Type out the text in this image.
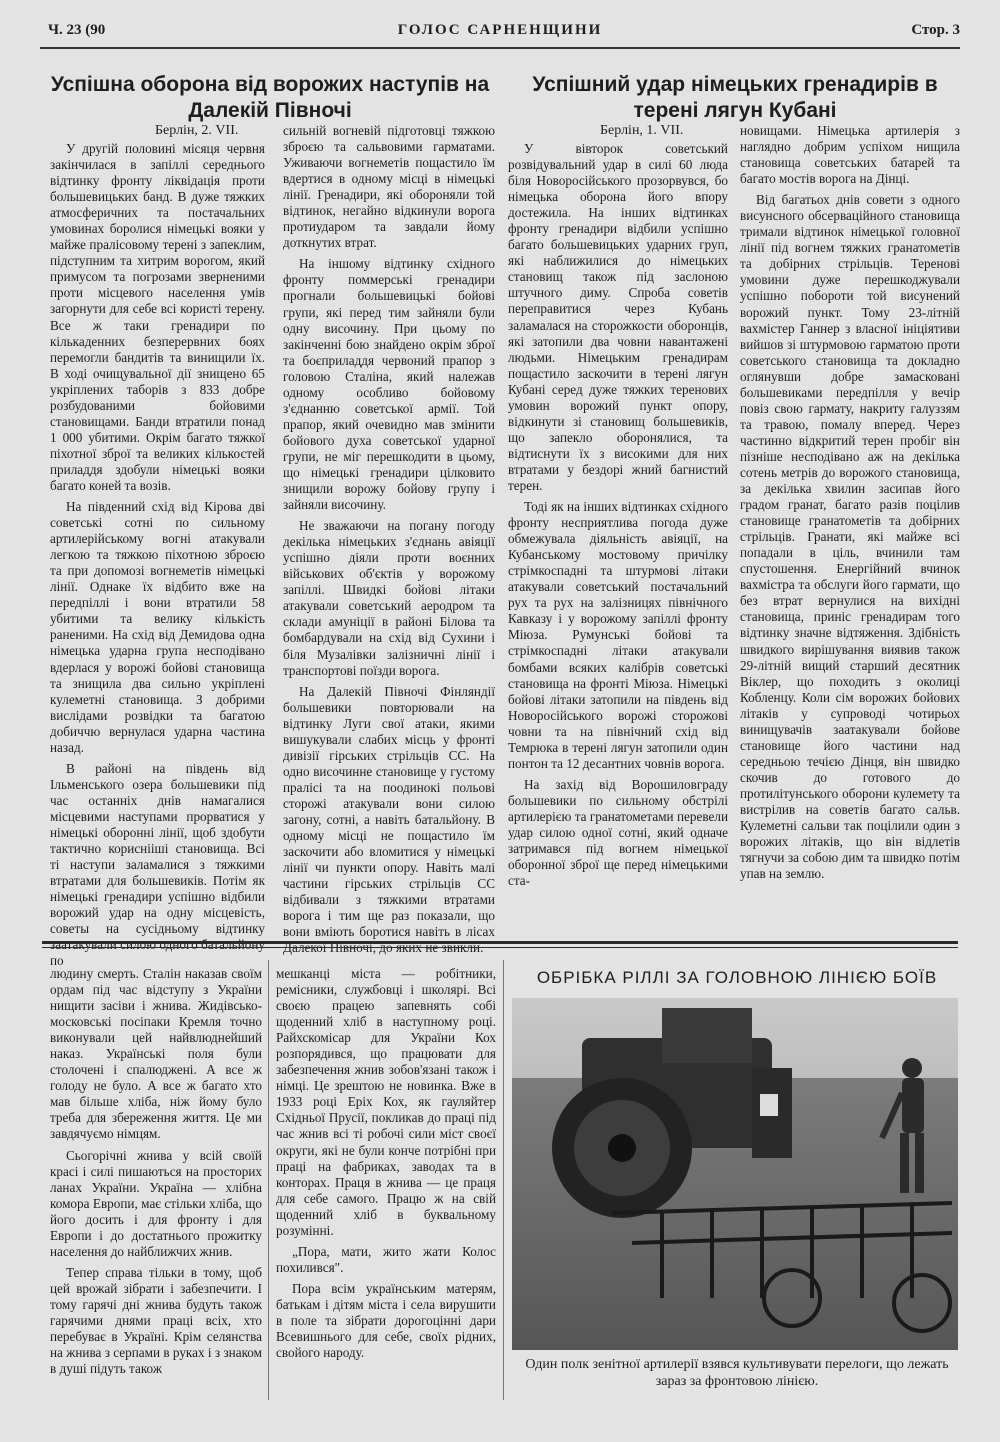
Ч. 23 (90	ГОЛОС САРНЕНЩИНИ	Стор. 3
Успішна оборона від ворожих наступів на Далекій Півночі
Берлін, 2. VII.

У другій половині місяця червня закінчилася в запіллі середнього відтинку фронту ліквідація проти большевицьких банд. В дуже тяжких атмосферичних та постачальних умовинах боролися німецькі вояки у майже праліcовому терені з запеклим, підступним та хитрим ворогом, який примусом та погрозами зверненими проти місцевого населення умів загорнути для себе всі користі терену. Все ж таки гренадири по кількаденних безперервних боях перемогли бандитів та винищили їх. В ході очищувальної дії знищено 65 укріплених таборів з 833 добре розбудованими бойовими становищами. Банди втратили понад 1 000 убитими. Окрім багато тяжкої піхотної зброї та великих кількостей приладдя здобули німецькі вояки багато коней та возів.

На південний схід від Кірова дві советські сотні по сильному артилерійському вогні атакували легкою та тяжкою піхотною зброєю та при допомозі вогнеметів німецькі лінії. Однаке їх відбито вже на передпіллі і вони втратили 58 убитими та велику кількість раненими. На схід від Демидова одна німецька ударна група несподівано вдерлася у ворожі бойові становища та знищила два сильно укріплені кулеметні становища. З добрими вислідами розвідки та багатою добиччю вернулася ударна частина назад.

В районі на південь від Ільменського озера большевики під час останніх днів намагалися місцевими наступами прорватися у німецькі оборонні лінії, щоб здобути тактично кориснііші становища. Всі ті наступи заламалися з тяжкими втратами для большевиків. Потім як німецькі гренадири успішно відбили ворожий удар на одну місцевість, советы на сусідньому відтинку заатакували силою одного батальйону по

сильній вогневій підготовці тяжкою зброєю та сальвовими гарматами. Уживаючи вогнеметів пощастило їм вдертися в одному місці в німецькі лінії. Гренадири, які обороняли той відтинок, негайно відкинули ворога протиударом та завдали йому доткнутих втрат.

На іншому відтинку східного фронту поммерські гренадири прогнали большевицькі бойові групи, які перед тим зайняли були одну височину. При цьому по закінченні бою знайдено окрім зброї та боєприладдя червоний прапор з головою Сталіна, який належав одному особливо бойовому з'єднанню советської армії. Той прапор, який очевидно мав змінити бойового духа советської ударної групи, не міг перешкодити в цьому, що німецькі гренадири цілковито знищили ворожу бойову групу і зайняли височину.

Не зважаючи на погану погоду декілька німецьких з'єднань авіяції успішно діяли проти воєнних військових об'єктів у ворожому запіллі. Швидкі бойові літаки атакували советський аеродром та склади амуніції в районі Білова та бомбардували на схід від Сухини і біля Музалівки залізничні лінії і транспортові поїзди ворога.

На Далекій Півночі Фінляндії большевики повторювали на відтинку Луги свої атаки, якими вишукували слабих місць у фронті дивізії гірських стрільців СС. На одно височинне становище у густому праліcі та на поодинокі польові сторожі атакували вони силою загону, сотні, а навіть батальйону. В одному місці не пощастило їм заскочити або вломитися у німецькі лінії чи пункти опору. Навіть малі частини гірських стрільців СС відбивали з тяжкими втратами ворога і тим ще раз показали, що вони вміють боротися навіть в лісах Далекої Півночі, до яких не звикли.

Успішний удар німецьких гренадирів в терені лягун Кубані
Берлін, 1. VII.

У вівторок советський розвідувальний удар в силі 60 люда біля Новоросійського прозорвувся, бо німецька оборона його впору достежила. На інших відтинках фронту гренадири відбили успішно багато большевицьких ударних груп, які наближилися до німецьких становищ також під заслоною штучного диму. Спроба советів переправитися через Кубань заламалася на сторожкости оборонців, які затопили два човни навантажені людьми. Німецьким гренадирам пощастило заскочити в терені лягун Кубані серед дуже тяжких теренових умовин ворожий пункт опору, відкинути зі становищ большевиків, що запекло оборонялися, та відтиснути їх з високими для них втратами у бездорі жний багнистий терен.

Тоді як на інших відтинках східного фронту несприятлива погода дуже обмежувала діяльність авіяції, на Кубанському мостовому причілку стрімкоспадні та штурмові літаки атакували советський постачальний рух та рух на залізницях північного Кавказу і у ворожому запіллі фронту Міюза. Румунські бойові та стрімкоспадні літаки атакували бомбами всяких калібрів советські становища на фронті Міюза. Німецькі бойові літаки затопили на південь від Новоросійського ворожі сторожові човни та на північний схід від Темрюка в терені лягун затопили один понтон та 12 десантних човнів ворога.

На захід від Ворошиловграду большевики по сильному обстрілі артилерією та гранатометами перевели удар силою одної сотні, який одначе затримався під вогнем німецької оборонної зброї ще перед німецькими ста-

новищами. Німецька артилерія з наглядно добрим успіхом нищила становища советських батарей та багато мостів ворога на Дінці.

Від багатьох днів совети з одного висунсного обсерваційного становища тримали відтинок німецької головної лінії під вогнем тяжких гранатометів та добірних стрільців. Теренові умовини дуже перешкоджували успішно побороти той висунений ворожий пункт. Тому 23-літній вахмістер Ганнер з власної ініціятиви вийшов зі штурмовою гарматою проти советського становища та докладно оглянувши добре замасковані большевиками передпілля у вечір повіз свою гармату, накриту галуззям та травою, помалу вперед. Через частинно відкритий терен пробіг він пізніше несподівано аж на декілька сотень метрів до ворожого становища, за декілька хвилин засипав його градом гранат, багато разів поцілив становище гранатометів та добірних стрільців. Гранати, які майже всі попадали в ціль, вчинили там спустошення. Енергійний вчинок вахмістра та обслуги його гармати, що без втрат вернулися на вихідні становища, приніс гренадирам того відтинку значне відтяження. Здібність швидкого вирішування виявив також 29-літній вищий старший десятник Віклер, що походить з околиці Кобленцу. Коли сім ворожих бойових літаків у супроводі чотирьох винищувачів заатакували бойове становище його частини над середньою течією Дінця, він швидко скочив до готового до протилітунського оборони кулемету та вистрілив на советів багато сальв. Кулеметні сальви так поцілили один з ворожих літаків, що він відлетів тягнучи за собою дим та швидко потім упав на землю.

людину смерть. Сталін наказав своїм ордам під час відступу з України нищити засіви і жнива. Жидівсько-московські посіпаки Кремля точно виконували цей найвлюднейший наказ. Українські поля були столочені і спалюджені. А все ж голоду не було. А все ж багато хто мав більше хліба, ніж йому було треба для збереження життя. Це ми завдячуємо німцям.

Сьогорічні жнива у всій своїй красі і силі пишаються на просторих ланах України. Україна — хлібна комора Европи, має стільки хліба, що його досить і для фронту і для Европи і до достатнього прожитку населення до найближчих жнив.

Тепер справа тільки в тому, щоб цей врожай зібрати і забезпечити. І тому гарячі дні жнива будуть також гарячими днями праці всіх, хто перебуває в Україні. Крім селянства на жнива з серпами в руках і з знаком в душі підуть також

мешканці міста — робітники, ремісники, службовці і школярі. Всі своєю працею запевнять собі щоденний хліб в наступному році. Райхскомісар для України Кох розпорядився, що працювати для забезпечення жнив зобов'язані також і німці. Це зрештою не новинка. Вже в 1933 році Еріх Кох, як гауляйтер Східньої Прусії, покликав до праці під час жнив всі ті робочі сили міст своєї округи, які не були конче потрібні при праці на фабриках, заводах та в конторах. Праця в жнива — це праця для себе самого. Працю ж на свій щоденний хліб в буквальному розумінні.

„Пора, мати, жито жати Колос похилився".

Пора всім українським матерям, батькам і дітям міста і села вирушити в поле та зібрати дорогоцінні дари Всевишнього для себе, своїх рідних, свойого народу.

ОБРІБКА РІЛЛІ ЗА ГОЛОВНОЮ ЛІНІЄЮ БОЇВ
Один полк зенітної артилерії взявся культивувати перелоги, що лежать зараз за фронтовою лінією.
